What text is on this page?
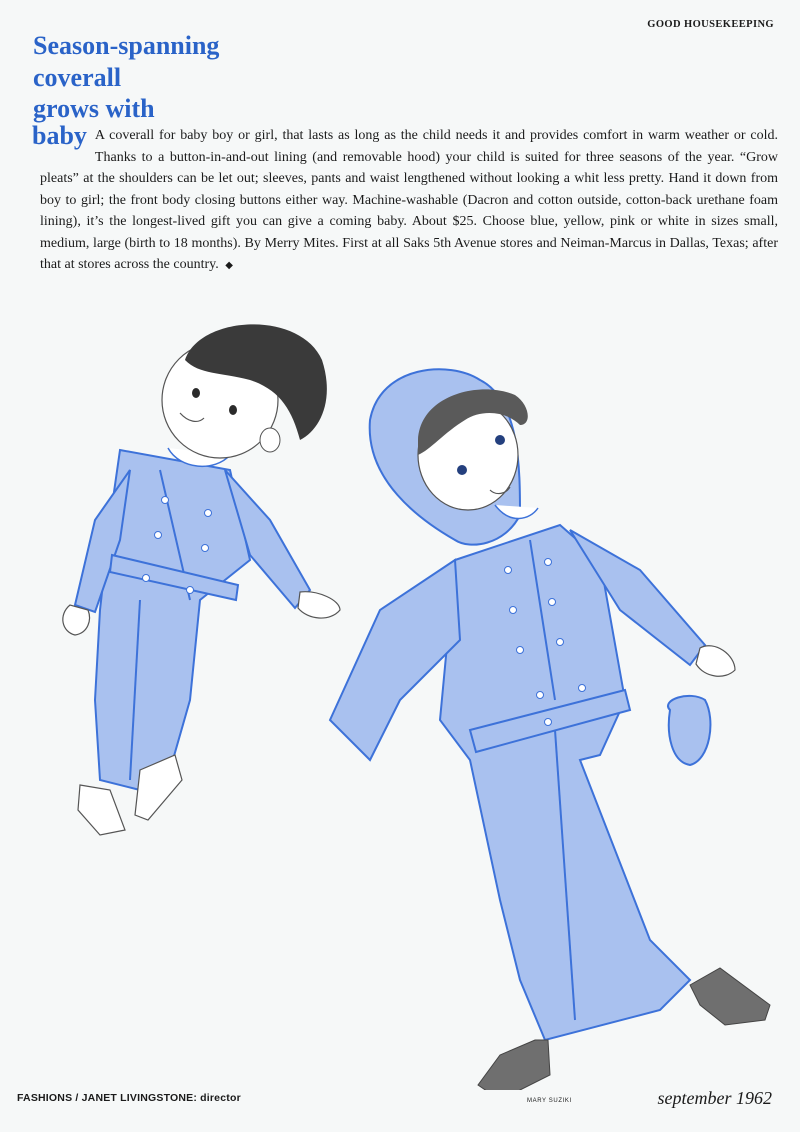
GOOD HOUSEKEEPING
Season-spanning
coverall
grows with
baby A coverall for baby boy or girl, that lasts as long as the child needs it and provides comfort in warm weather or cold. Thanks to a button-in-and-out lining (and removable hood) your child is suited for three seasons of the year. “Grow pleats” at the shoulders can be let out; sleeves, pants and waist lengthened without looking a whit less pretty. Hand it down from boy to girl; the front body closing buttons either way. Machine-washable (Dacron and cotton outside, cotton-back urethane foam lining), it’s the longest-lived gift you can give a coming baby. About $25. Choose blue, yellow, pink or white in sizes small, medium, large (birth to 18 months). By Merry Mites. First at all Saks 5th Avenue stores and Neiman-Marcus in Dallas, Texas; after that at stores across the country. ◆
FASHIONS / JANET LIVINGSTONE: director	MARY SUZIKI	september 1962
